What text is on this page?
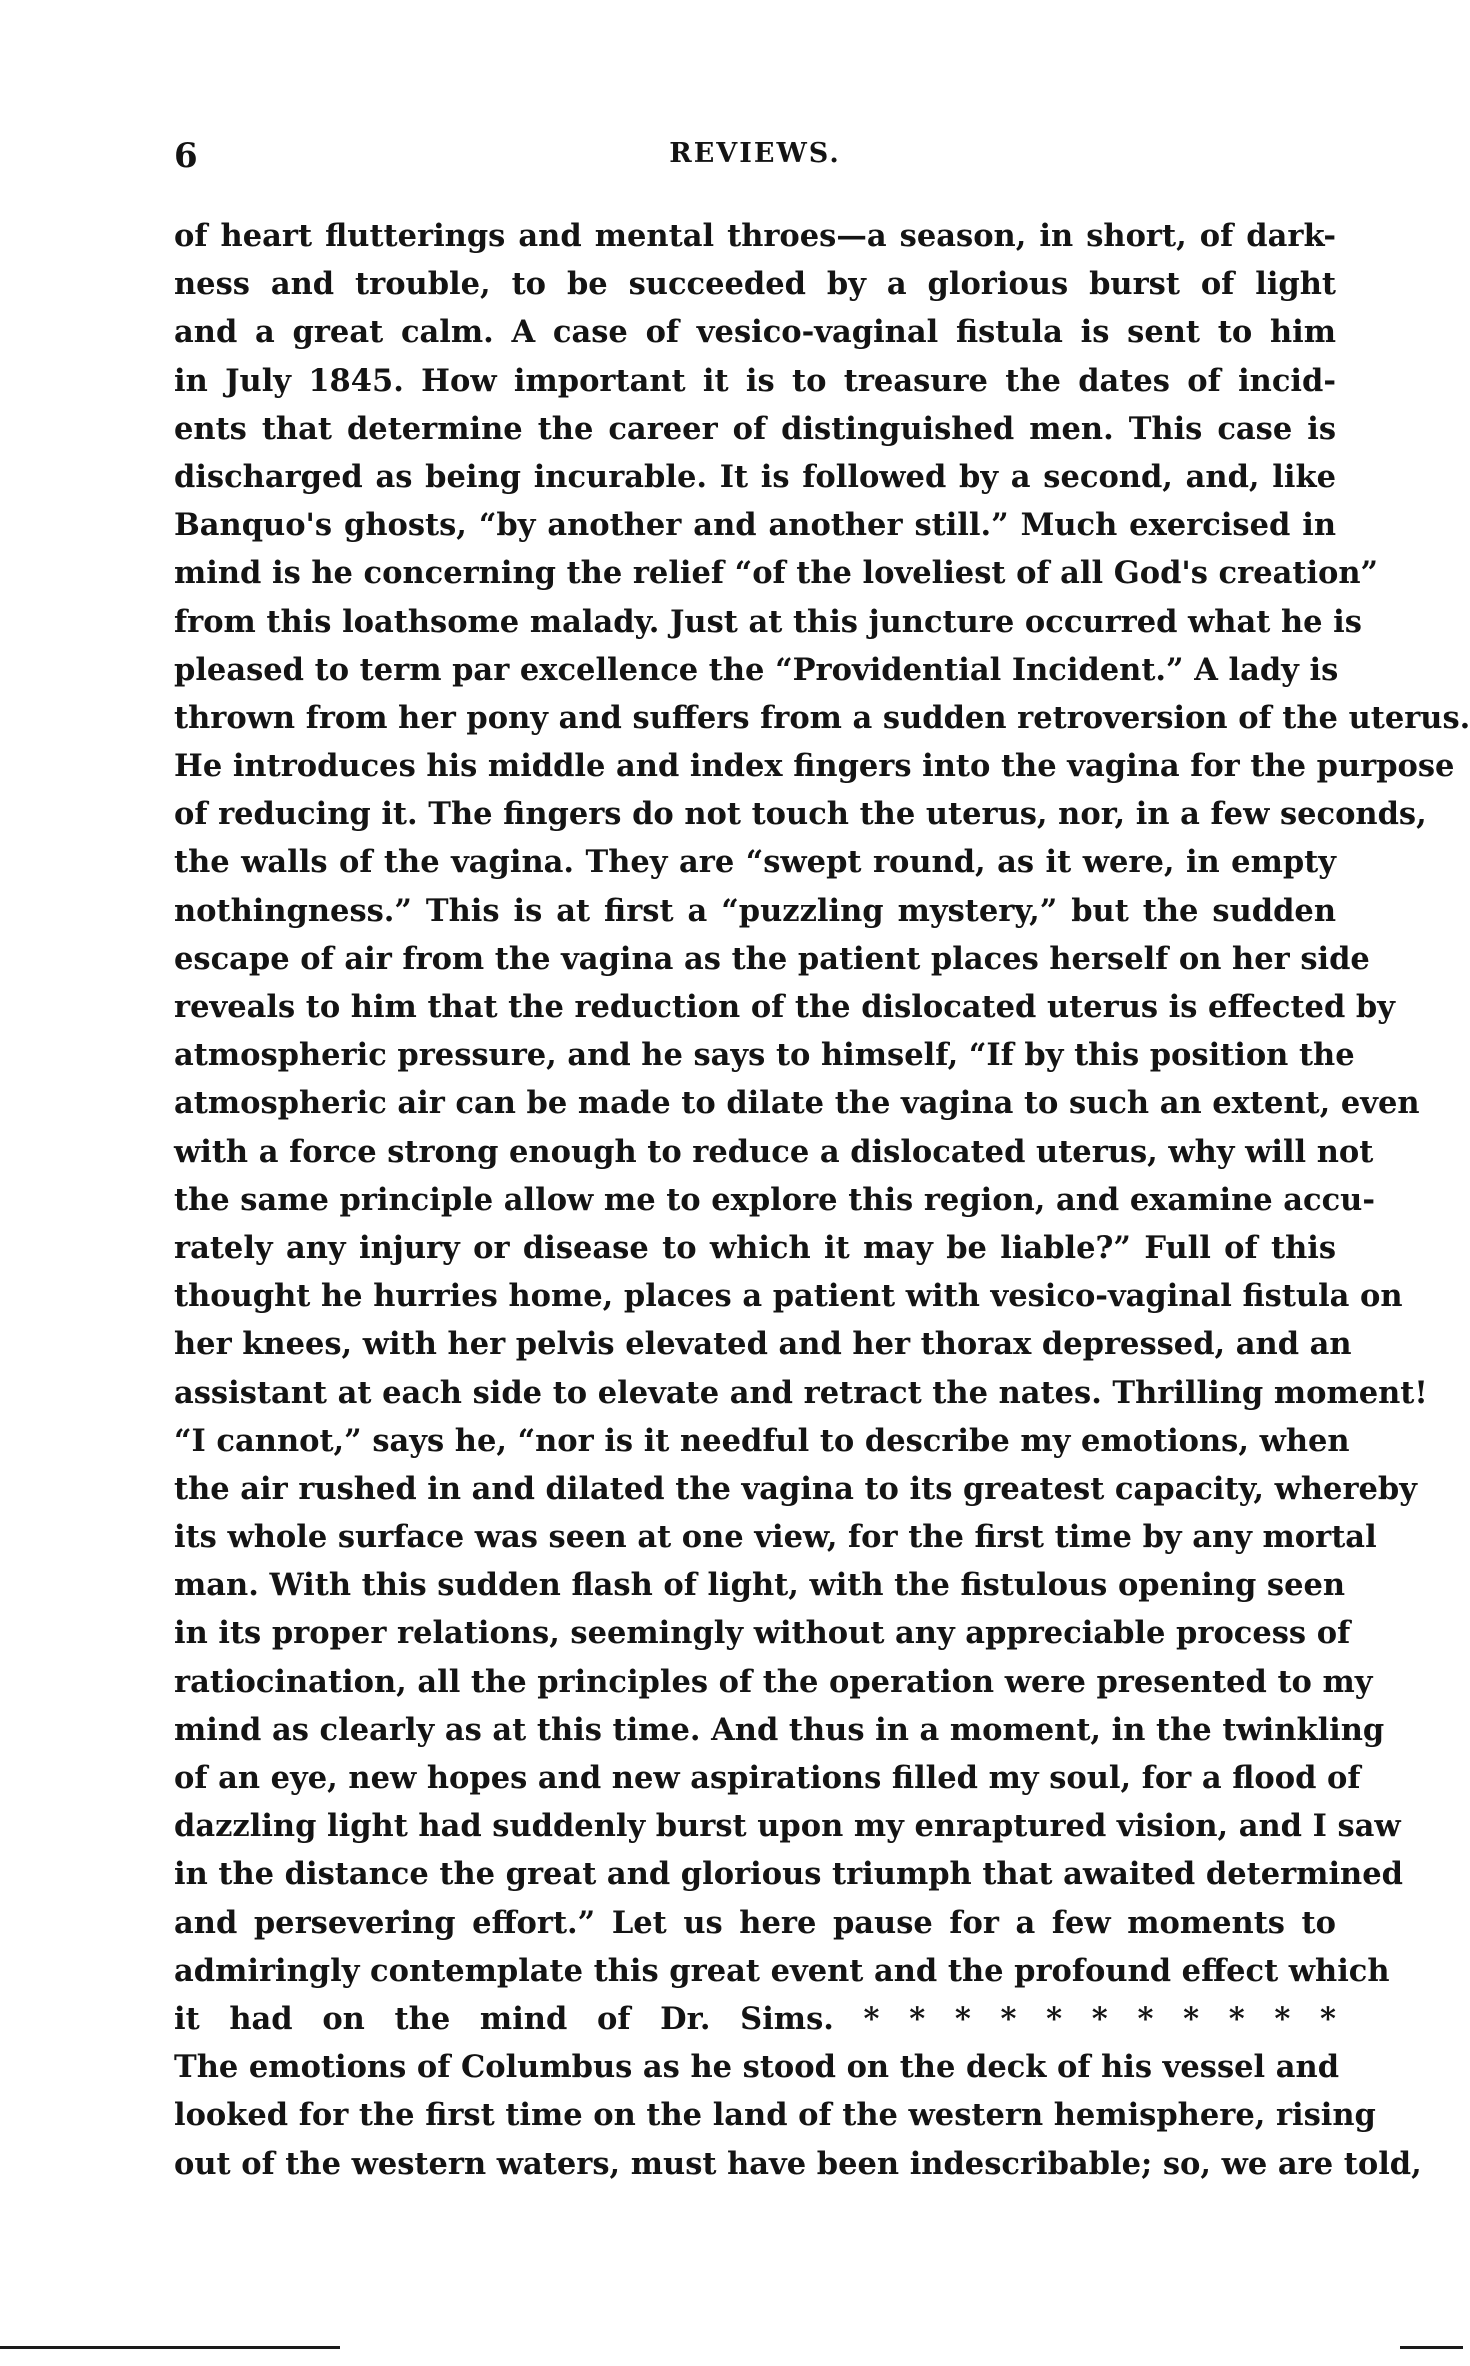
6	REVIEWS.
of heart flutterings and mental throes—a season, in short, of dark-
ness and trouble, to be succeeded by a glorious burst of light
and a great calm. A case of vesico-vaginal fistula is sent to him
in July 1845. How important it is to treasure the dates of incid-
ents that determine the career of distinguished men. This case is
discharged as being incurable. It is followed by a second, and, like
Banquo's ghosts, “by another and another still.” Much exercised in
mind is he concerning the relief “of the loveliest of all God's creation”
from this loathsome malady. Just at this juncture occurred what he is
pleased to term par excellence the “Providential Incident.” A lady is
thrown from her pony and suffers from a sudden retroversion of the uterus.
He introduces his middle and index fingers into the vagina for the purpose
of reducing it. The fingers do not touch the uterus, nor, in a few seconds,
the walls of the vagina. They are “swept round, as it were, in empty
nothingness.” This is at first a “puzzling mystery,” but the sudden
escape of air from the vagina as the patient places herself on her side
reveals to him that the reduction of the dislocated uterus is effected by
atmospheric pressure, and he says to himself, “If by this position the
atmospheric air can be made to dilate the vagina to such an extent, even
with a force strong enough to reduce a dislocated uterus, why will not
the same principle allow me to explore this region, and examine accu-
rately any injury or disease to which it may be liable?” Full of this
thought he hurries home, places a patient with vesico-vaginal fistula on
her knees, with her pelvis elevated and her thorax depressed, and an
assistant at each side to elevate and retract the nates. Thrilling moment!
“I cannot,” says he, “nor is it needful to describe my emotions, when
the air rushed in and dilated the vagina to its greatest capacity, whereby
its whole surface was seen at one view, for the first time by any mortal
man. With this sudden flash of light, with the fistulous opening seen
in its proper relations, seemingly without any appreciable process of
ratiocination, all the principles of the operation were presented to my
mind as clearly as at this time. And thus in a moment, in the twinkling
of an eye, new hopes and new aspirations filled my soul, for a flood of
dazzling light had suddenly burst upon my enraptured vision, and I saw
in the distance the great and glorious triumph that awaited determined
and persevering effort.” Let us here pause for a few moments to
admiringly contemplate this great event and the profound effect which
it had on the mind of Dr. Sims. * * * * * * * * * * *
The emotions of Columbus as he stood on the deck of his vessel and
looked for the first time on the land of the western hemisphere, rising
out of the western waters, must have been indescribable; so, we are told,
